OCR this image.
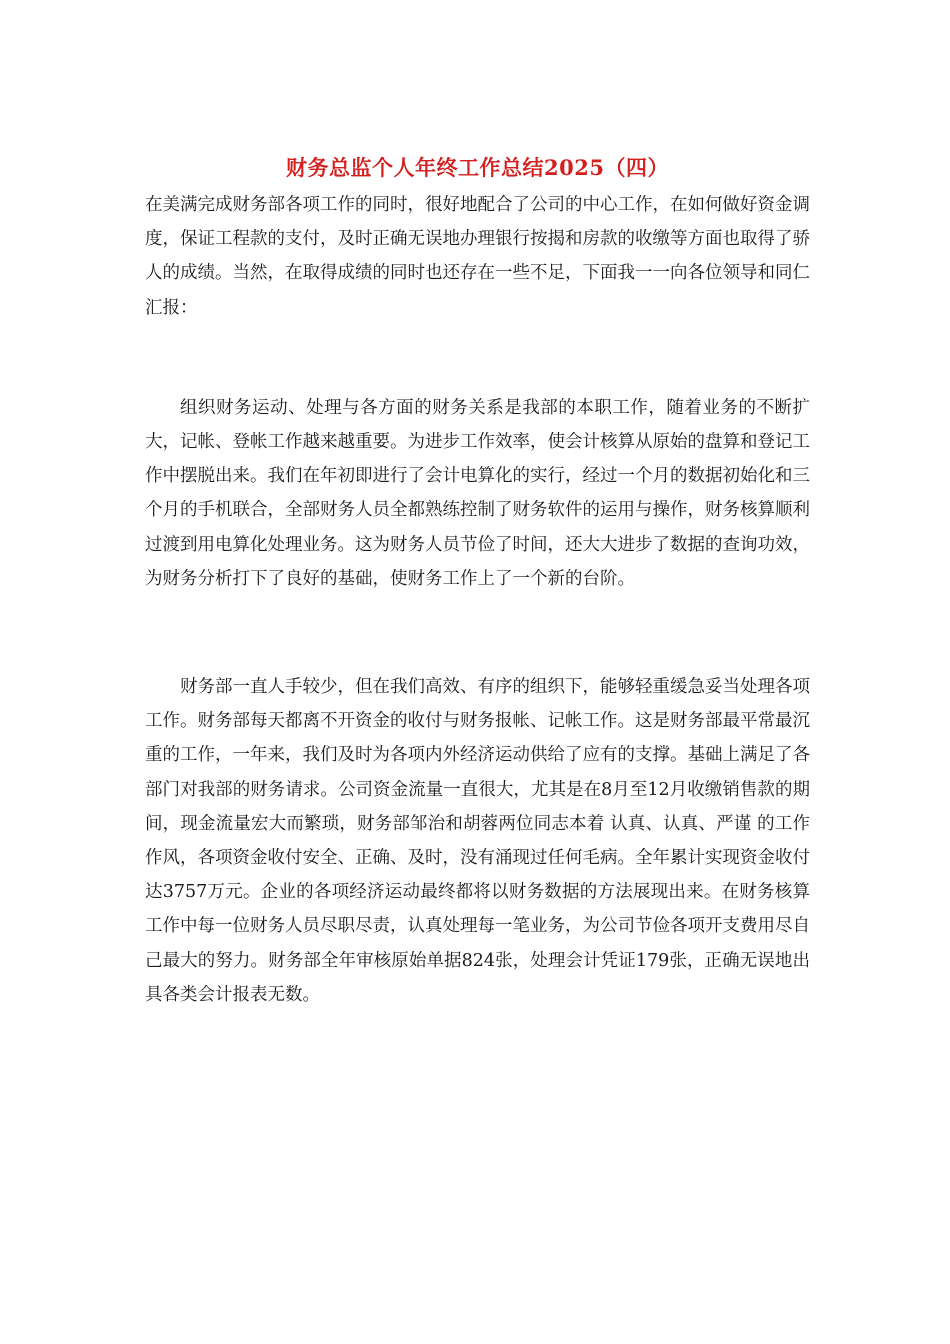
财务总监个人年终工作总结2025（四）

在美满完成财务部各项工作的同时，很好地配合了公司的中心工作，在如何做好资金调度，保证工程款的支付，及时正确无误地办理银行按揭和房款的收缴等方面也取得了骄人的成绩。当然，在取得成绩的同时也还存在一些不足，下面我一一向各位领导和同仁汇报：

组织财务运动、处理与各方面的财务关系是我部的本职工作，随着业务的不断扩大，记帐、登帐工作越来越重要。为进步工作效率，使会计核算从原始的盘算和登记工作中摆脱出来。我们在年初即进行了会计电算化的实行，经过一个月的数据初始化和三个月的手机联合，全部财务人员全都熟练控制了财务软件的运用与操作，财务核算顺利过渡到用电算化处理业务。这为财务人员节俭了时间，还大大进步了数据的查询功效，为财务分析打下了良好的基础，使财务工作上了一个新的台阶。

财务部一直人手较少，但在我们高效、有序的组织下，能够轻重缓急妥当处理各项工作。财务部每天都离不开资金的收付与财务报帐、记帐工作。这是财务部最平常最沉重的工作，一年来，我们及时为各项内外经济运动供给了应有的支撑。基础上满足了各部门对我部的财务请求。公司资金流量一直很大，尤其是在8月至12月收缴销售款的期间，现金流量宏大而繁琐，财务部邹治和胡蓉两位同志本着 认真、认真、严谨 的工作作风，各项资金收付安全、正确、及时，没有涌现过任何毛病。全年累计实现资金收付达3757万元。企业的各项经济运动最终都将以财务数据的方法展现出来。在财务核算工作中每一位财务人员尽职尽责，认真处理每一笔业务，为公司节俭各项开支费用尽自己最大的努力。财务部全年审核原始单据824张，处理会计凭证179张，正确无误地出具各类会计报表无数。
